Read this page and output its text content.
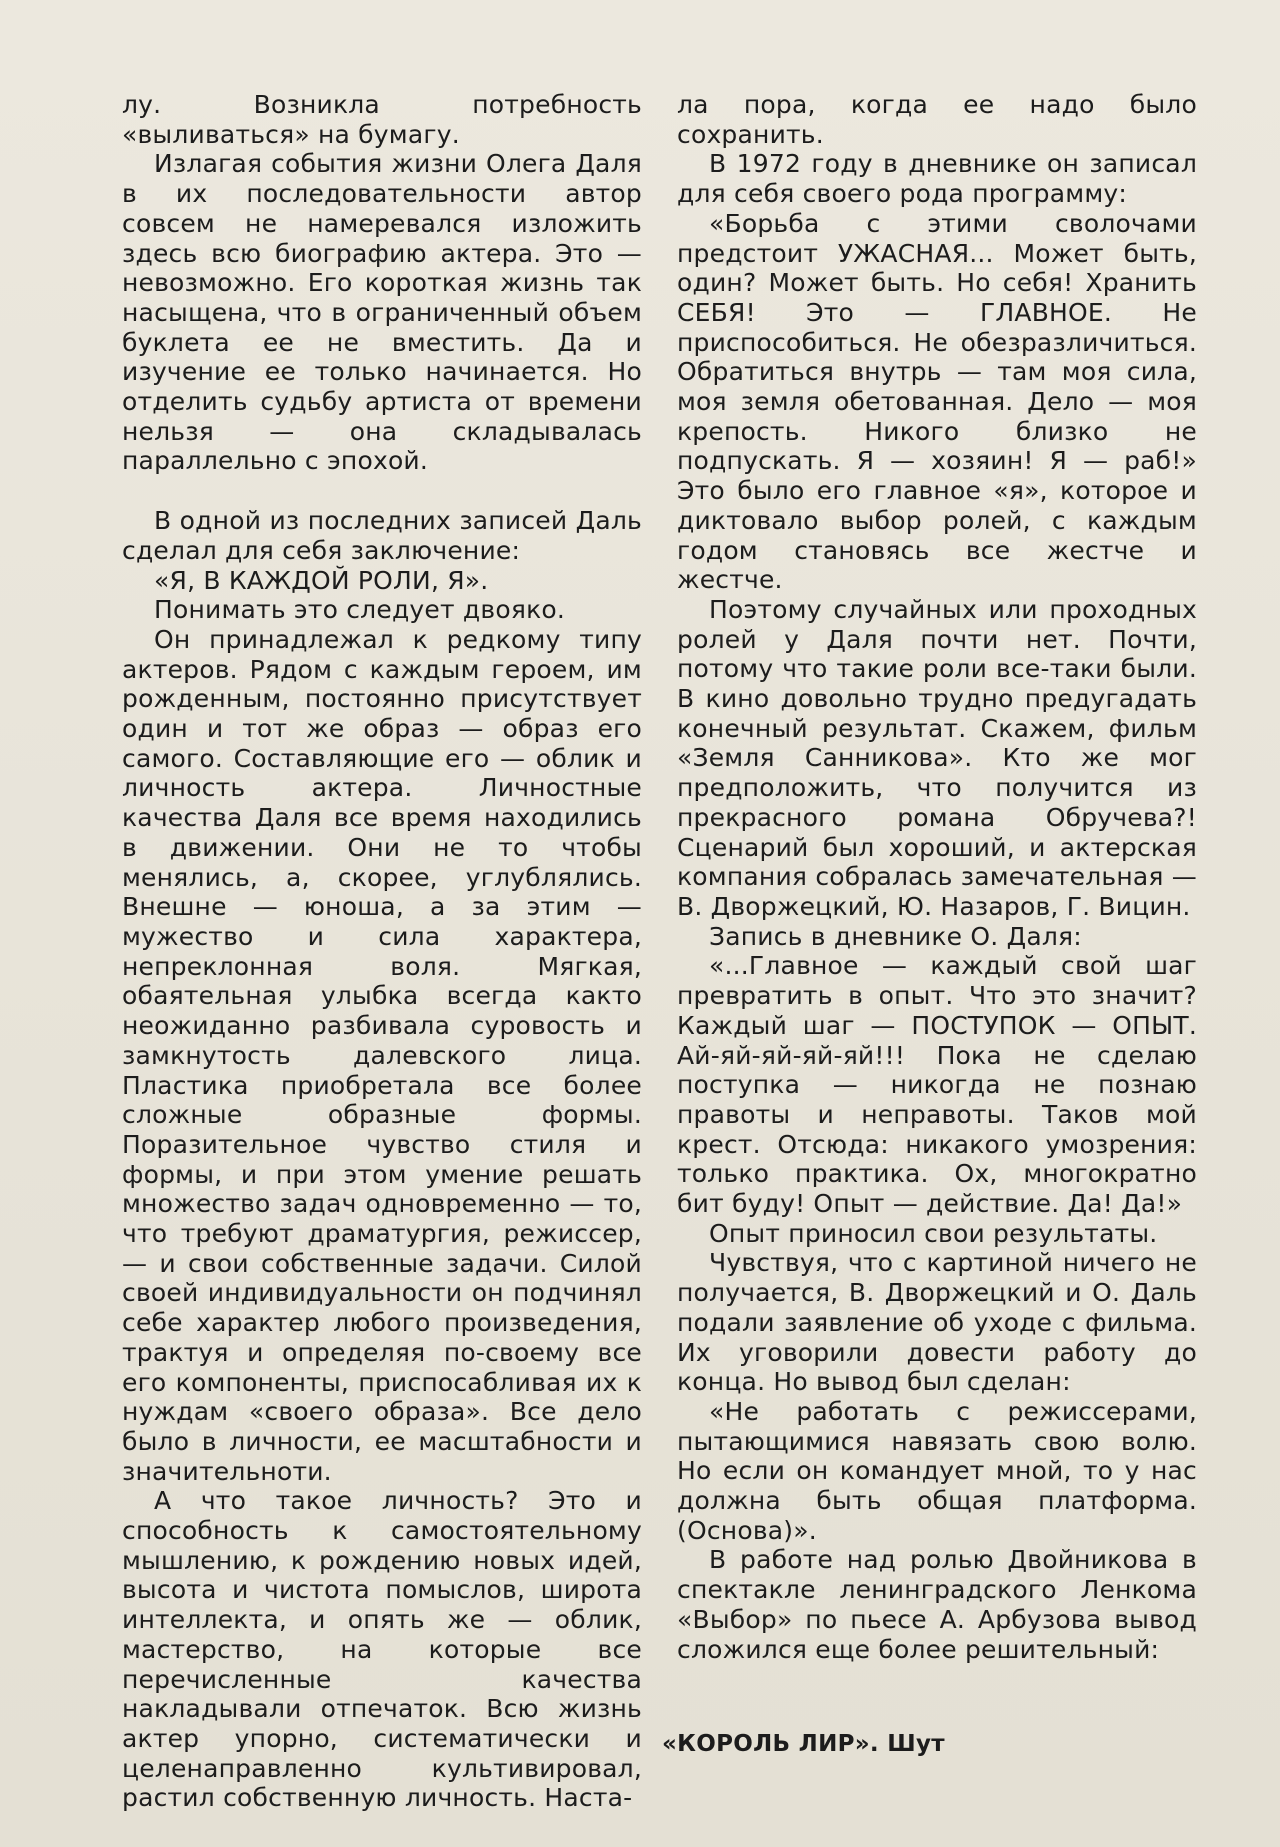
лу. Возникла потребность «выливаться» на бумагу.

Излагая события жизни Олега Даля в их последовательности автор совсем не намеревался изложить здесь всю биографию актера. Это — невозможно. Его короткая жизнь так насыщена, что в ограниченный объем буклета ее не вместить. Да и изучение ее только начинается. Но отделить судьбу артиста от времени нельзя — она складывалась параллельно с эпохой.

В одной из последних записей Даль сделал для себя заключение:

«Я, В КАЖДОЙ РОЛИ, Я».

Понимать это следует двояко.

Он принадлежал к редкому типу актеров. Рядом с каждым героем, им рожденным, постоянно присутствует один и тот же образ — образ его самого. Составляющие его — облик и личность актера. Личностные качества Даля все время находились в движении. Они не то чтобы менялись, а, скорее, углублялись. Внешне — юноша, а за этим — мужество и сила характера, непреклонная воля. Мягкая, обаятельная улыбка всегда както неожиданно разбивала суровость и замкнутость далевского лица. Пластика приобретала все более сложные образные формы. Поразительное чувство стиля и формы, и при этом умение решать множество задач одновременно — то, что требуют драматургия, режиссер, — и свои собственные задачи. Силой своей индивидуальности он подчинял себе характер любого произведения, трактуя и определяя по-своему все его компоненты, приспосабливая их к нуждам «своего образа». Все дело было в личности, ее масштабности и значительноти.

А что такое личность? Это и способность к самостоятельному мышлению, к рождению новых идей, высота и чистота помыслов, широта интеллекта, и опять же — облик, мастерство, на которые все перечисленные качества накладывали отпечаток. Всю жизнь актер упорно, систематически и целенаправленно культивировал, растил собственную личность. Наста-

ла пора, когда ее надо было сохранить.

В 1972 году в дневнике он записал для себя своего рода программу:

«Борьба с этими сволочами предстоит УЖАСНАЯ... Может быть, один? Может быть. Но себя! Хранить СЕБЯ! Это — ГЛАВНОЕ. Не приспособиться. Не обезразличиться. Обратиться внутрь — там моя сила, моя земля обетованная. Дело — моя крепость. Никого близко не подпускать. Я — хозяин! Я — раб!» Это было его главное «я», которое и диктовало выбор ролей, с каждым годом становясь все жестче и жестче.

Поэтому случайных или проходных ролей у Даля почти нет. Почти, потому что такие роли все-таки были. В кино довольно трудно предугадать конечный результат. Скажем, фильм «Земля Санникова». Кто же мог предположить, что получится из прекрасного романа Обручева?! Сценарий был хороший, и актерская компания собралась замечательная — В. Дворжецкий, Ю. Назаров, Г. Вицин.

Запись в дневнике О. Даля:

«...Главное — каждый свой шаг превратить в опыт. Что это значит? Каждый шаг — ПОСТУПОК — ОПЫТ. Ай-яй-яй-яй-яй!!! Пока не сделаю поступка — никогда не познаю правоты и неправоты. Таков мой крест. Отсюда: никакого умозрения: только практика. Ох, многократно бит буду! Опыт — действие. Да! Да!»

Опыт приносил свои результаты.

Чувствуя, что с картиной ничего не получается, В. Дворжецкий и О. Даль подали заявление об уходе с фильма. Их уговорили довести работу до конца. Но вывод был сделан:

«Не работать с режиссерами, пытающимися навязать свою волю. Но если он командует мной, то у нас должна быть общая платформа.(Основа)».

В работе над ролью Двойникова в спектакле ленинградского Ленкома «Выбор» по пьесе А. Арбузова вывод сложился еще более решительный:

«КОРОЛЬ ЛИР». Шут
